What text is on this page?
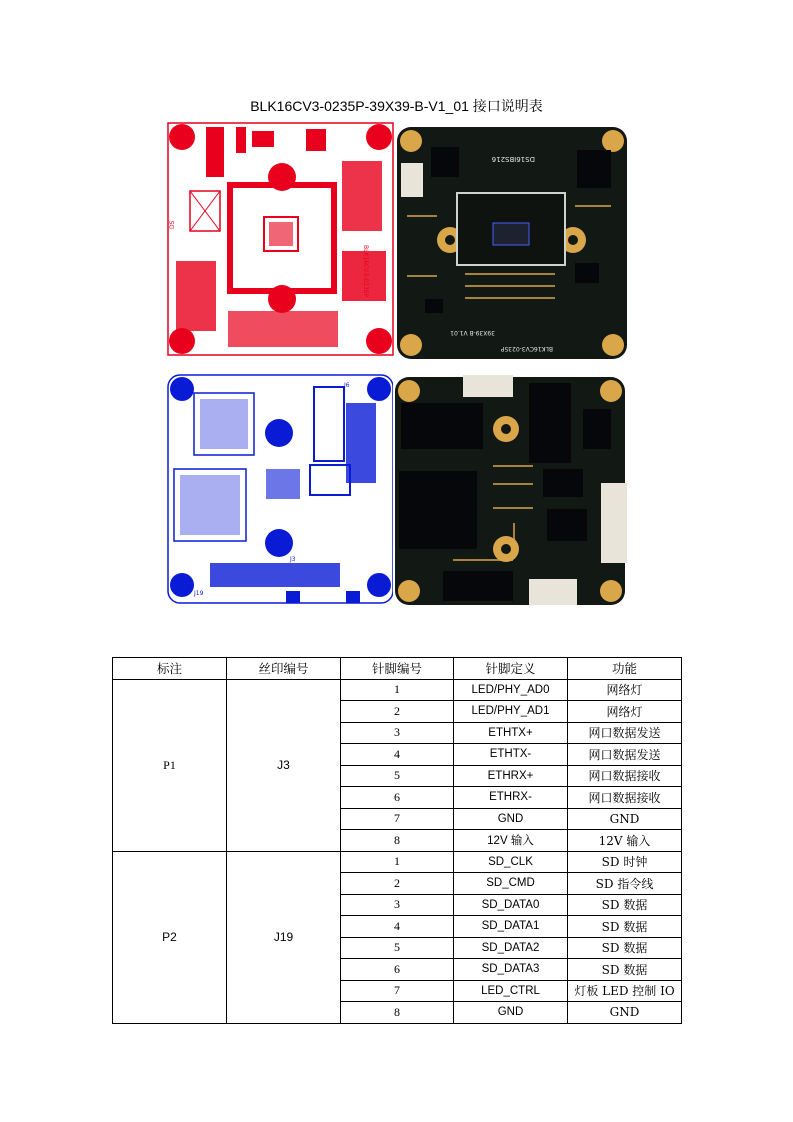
BLK16CV3-0235P-39X39-B-V1_01 接口说明表
DS
BLK16CV3-0235P
DS16IBS216
39X39-B V1.01
BLK16CV3-0235P
J6
J3
J19
标注	丝印编号	针脚编号	针脚定义	功能
P1	J3	1	LED/PHY_AD0	网络灯
		2	LED/PHY_AD1	网络灯
		3	ETHTX+	网口数据发送
		4	ETHTX-	网口数据发送
		5	ETHRX+	网口数据接收
		6	ETHRX-	网口数据接收
		7	GND	GND
		8	12V 输入	12V 输入
P2	J19	1	SD_CLK	SD 时钟
		2	SD_CMD	SD 指令线
		3	SD_DATA0	SD 数据
		4	SD_DATA1	SD 数据
		5	SD_DATA2	SD 数据
		6	SD_DATA3	SD 数据
		7	LED_CTRL	灯板 LED 控制 IO
		8	GND	GND
